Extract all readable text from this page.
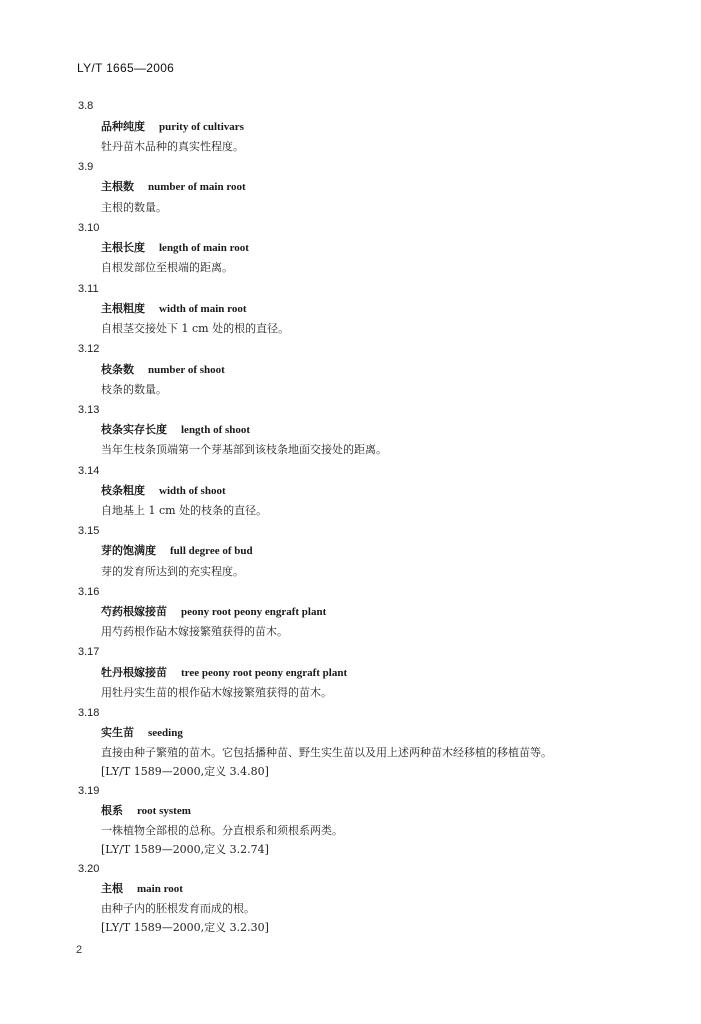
LY/T 1665—2006
3.8
品种纯度 purity of cultivars
牡丹苗木品种的真实性程度。
3.9
主根数 number of main root
主根的数量。
3.10
主根长度 length of main root
自根发部位至根端的距离。
3.11
主根粗度 width of main root
自根茎交接处下 1 cm 处的根的直径。
3.12
枝条数 number of shoot
枝条的数量。
3.13
枝条实存长度 length of shoot
当年生枝条顶端第一个芽基部到该枝条地面交接处的距离。
3.14
枝条粗度 width of shoot
自地基上 1 cm 处的枝条的直径。
3.15
芽的饱满度 full degree of bud
芽的发育所达到的充实程度。
3.16
芍药根嫁接苗 peony root peony engraft plant
用芍药根作砧木嫁接繁殖获得的苗木。
3.17
牡丹根嫁接苗 tree peony root peony engraft plant
用牡丹实生苗的根作砧木嫁接繁殖获得的苗木。
3.18
实生苗 seeding
直接由种子繁殖的苗木。它包括播种苗、野生实生苗以及用上述两种苗木经移植的移植苗等。
[LY/T 1589—2000,定义 3.4.80]
3.19
根系 root system
一株植物全部根的总称。分直根系和须根系两类。
[LY/T 1589—2000,定义 3.2.74]
3.20
主根 main root
由种子内的胚根发育而成的根。
[LY/T 1589—2000,定义 3.2.30]
2
